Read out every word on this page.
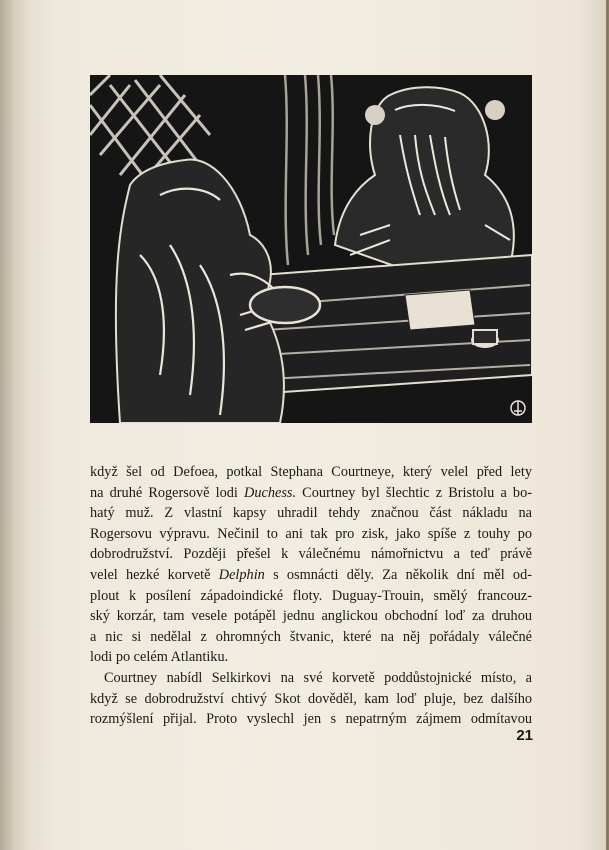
když šel od Defoea, potkal Stephana Courtneye, který velel před lety
na druhé Rogersově lodi Duchess. Courtney byl šlechtic z Bristolu a bo-
hatý muž. Z vlastní kapsy uhradil tehdy značnou část nákladu na
Rogersovu výpravu. Nečinil to ani tak pro zisk, jako spíše z touhy po
dobrodružství. Později přešel k válečnému námořnictvu a teď právě
velel hezké korvetě Delphin s osmnácti děly. Za několik dní měl od-
plout k posílení západoindické floty. Duguay-Trouin, smělý francouz-
ský korzár, tam vesele potápěl jednu anglickou obchodní loď za druhou
a nic si nedělal z ohromných štvanic, které na něj pořádaly válečné
lodi po celém Atlantiku.
Courtney nabídl Selkirkovi na své korvetě poddůstojnické místo, a
když se dobrodružství chtivý Skot dověděl, kam loď pluje, bez dalšího
rozmýšlení přijal. Proto vyslechl jen s nepatrným zájmem odmítavou
21
